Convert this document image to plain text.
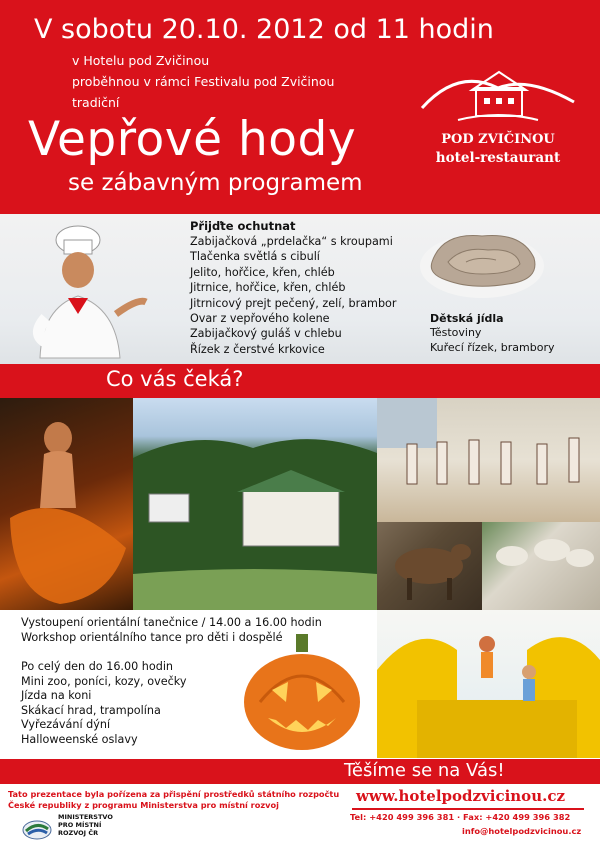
V sobotu 20.10. 2012 od 11 hodin
v Hotelu pod Zvičinou
proběhnou v rámci Festivalu pod Zvičinou
tradiční
Vepřové hody
se zábavným programem
POD ZVIČINOU
hotel-restaurant
Přijďte ochutnat
Zabijačková „prdelačka“ s kroupami
Tlačenka světlá s cibulí
Jelito, hořčice, křen, chléb
Jitrnice, hořčice, křen, chléb
Jitrnicový prejt pečený, zelí, brambor
Ovar z vepřového kolene
Zabijačkový guláš v chlebu
Řízek z čerstvé krkovice
Dětská jídla
Těstoviny
Kuřecí řízek, brambory
Co vás čeká?
Vystoupení orientální tanečnice / 14.00 a 16.00 hodin
Workshop orientálního tance pro děti i dospělé
Po celý den do 16.00 hodin
Mini zoo, poníci, kozy, ovečky
Jízda na koni
Skákací hrad, trampolína
Vyřezávání dýní
Halloweenské oslavy
Těšíme se na Vás!
Tato prezentace byla pořízena za přispění prostředků státního rozpočtu
České republiky z programu Ministerstva pro místní rozvoj
MINISTERSTVO
PRO MÍSTNÍ
ROZVOJ ČR
www.hotelpodzvicinou.cz
Tel: +420 499 396 381 · Fax: +420 499 396 382
info@hotelpodzvicinou.cz
